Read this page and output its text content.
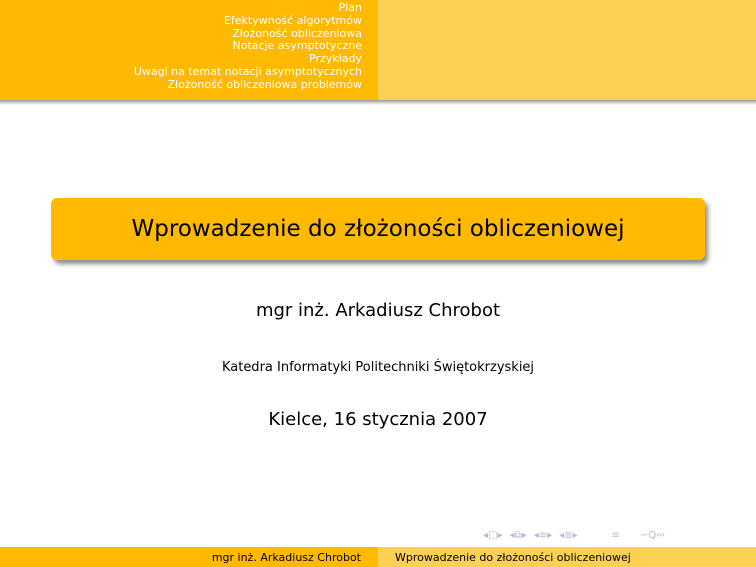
Plan
Efektywność algorytmów
Złożoność obliczeniowa
Notacje asymptotyczne
Przykłady
Uwagi na temat notacji asymptotycznych
Złożoność obliczeniowa problemów
Wprowadzenie do złożoności obliczeniowej
mgr inż. Arkadiusz Chrobot
Katedra Informatyki Politechniki Świętokrzyskiej
Kielce, 16 stycznia 2007
◂ □ ▸ ◂ ⧉ ▸ ◂ ≡ ▸ ◂ ≣ ▸	≡ ∽Q∾
mgr inż. Arkadiusz Chrobot	Wprowadzenie do złożoności obliczeniowej
